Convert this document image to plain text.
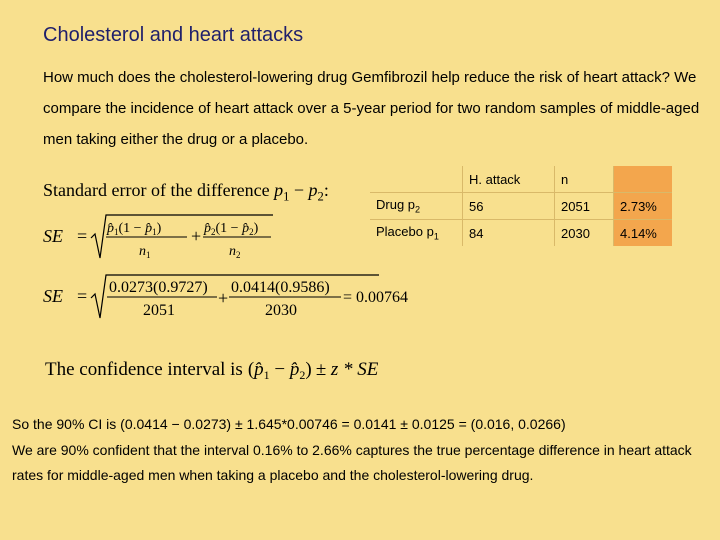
Cholesterol and heart attacks

How much does the cholesterol-lowering drug Gemfibrozil help reduce the risk of heart attack? We compare the incidence of heart attack over a 5-year period for two random samples of middle-aged men taking either the drug or a placebo.

Standard error of the difference $p_1 - p_2$:
SE = $p̂_1(1$ − $p̂_1$)
$n_1$
+ $p̂_2(1$ − $p̂_2$)
$n_2$
SE = 0.0273(0.9727)
2051
+
0.0414(0.9586)
2030
= 0.00764
The confidence interval is ($p̂_1$ − $p̂_2) \pm z$ * SE
	H. attack	n	
Drug $p_2$	56	2051	2.73%
Placebo $p_1$	84	2030	4.14%

So the 90% CI is (0.0414 − 0.0273) ± 1.645*0.00746 = 0.0141 ± 0.0125 = (0.016, 0.0266)

We are 90% confident that the interval 0.16% to 2.66% captures the true percentage difference in heart attack rates for middle-aged men when taking a placebo and the cholesterol-lowering drug.
